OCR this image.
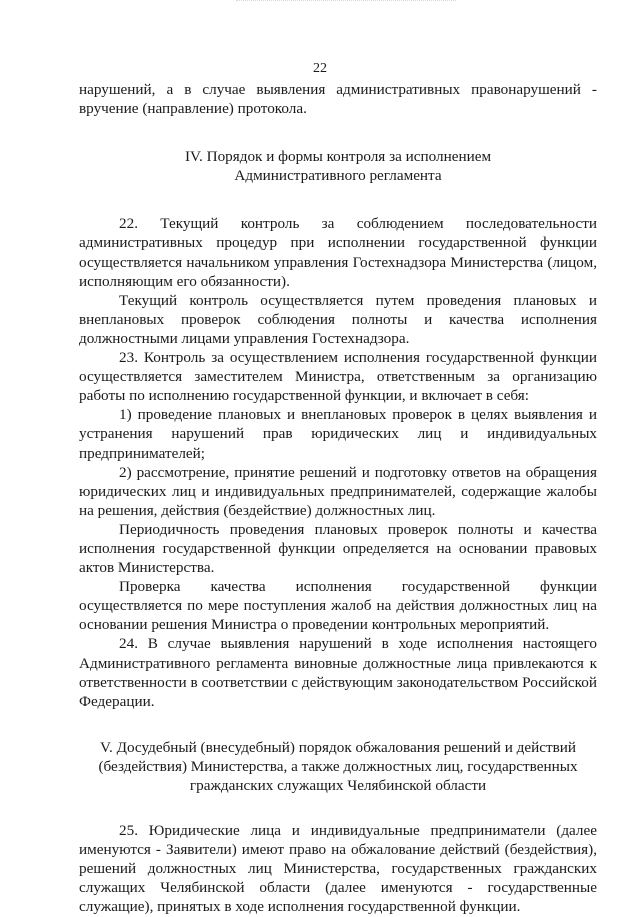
22

нарушений, а в случае выявления административных правонарушений - вручение (направление) протокола.

IV. Порядок и формы контроля за исполнением
Административного регламента

22. Текущий контроль за соблюдением последовательности административных процедур при исполнении государственной функции осуществляется начальником управления Гостехнадзора Министерства (лицом, исполняющим его обязанности).

Текущий контроль осуществляется путем проведения плановых и внеплановых проверок соблюдения полноты и качества исполнения должностными лицами управления Гостехнадзора.

23. Контроль за осуществлением исполнения государственной функции осуществляется заместителем Министра, ответственным за организацию работы по исполнению государственной функции, и включает в себя:

1) проведение плановых и внеплановых проверок в целях выявления и устранения нарушений прав юридических лиц и индивидуальных предпринимателей;

2) рассмотрение, принятие решений и подготовку ответов на обращения юридических лиц и индивидуальных предпринимателей, содержащие жалобы на решения, действия (бездействие) должностных лиц.

Периодичность проведения плановых проверок полноты и качества исполнения государственной функции определяется на основании правовых актов Министерства.

Проверка качества исполнения государственной функции осуществляется по мере поступления жалоб на действия должностных лиц на основании решения Министра о проведении контрольных мероприятий.

24. В случае выявления нарушений в ходе исполнения настоящего Административного регламента виновные должностные лица привлекаются к ответственности в соответствии с действующим законодательством Российской Федерации.

V. Досудебный (внесудебный) порядок обжалования решений и действий
(бездействия) Министерства, а также должностных лиц, государственных
гражданских служащих Челябинской области

25. Юридические лица и индивидуальные предприниматели (далее именуются - Заявители) имеют право на обжалование действий (бездействия), решений должностных лиц Министерства, государственных гражданских служащих Челябинской области (далее именуются - государственные служащие), принятых в ходе исполнения государственной функции.
